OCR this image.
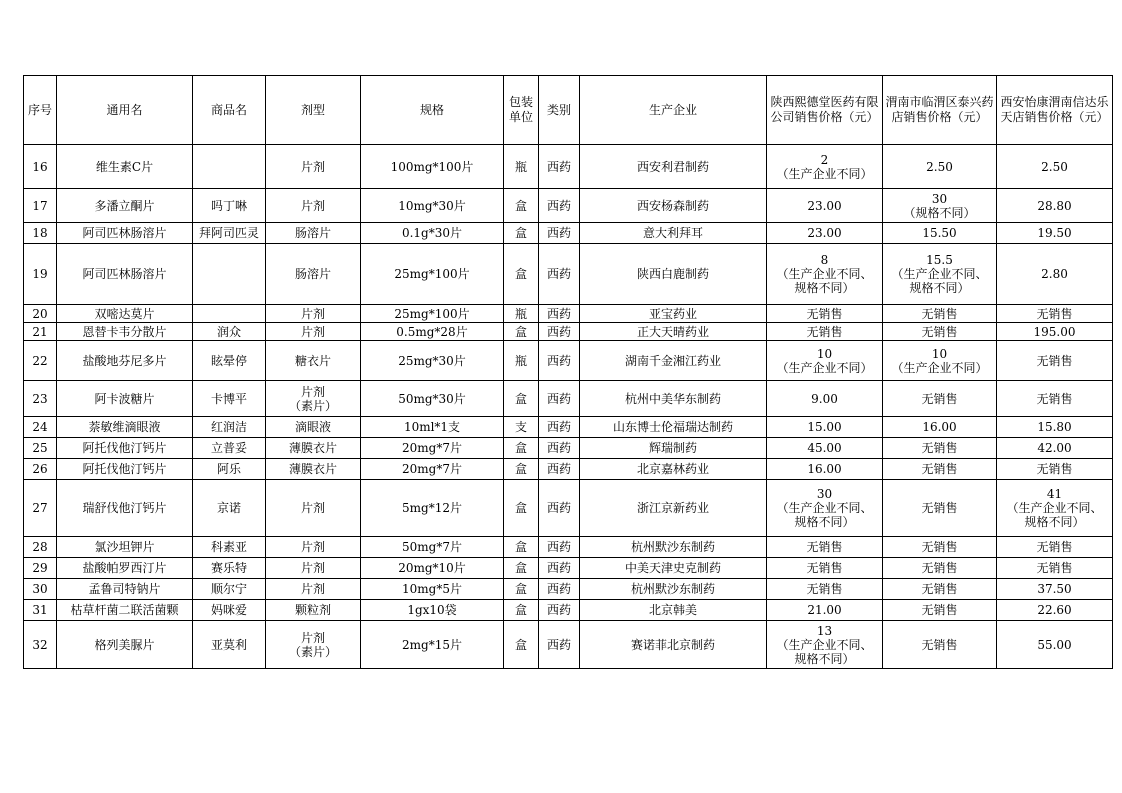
序号	通用名	商品名	剂型	规格	包装单位	类别	生产企业	陕西熙德堂医药有限公司销售价格（元）	渭南市临渭区泰兴药店销售价格（元）	西安怡康渭南信达乐天店销售价格（元）
16	维生素C片		片剂	100mg*100片	瓶	西药	西安利君制药	2
（生产企业不同）	2.50	2.50

17	多潘立酮片	吗丁啉	片剂	10mg*30片	盒	西药	西安杨森制药	23.00	30
（规格不同）	28.80

18	阿司匹林肠溶片	拜阿司匹灵	肠溶片	0.1g*30片	盒	西药	意大利拜耳	23.00	15.50	19.50

19	阿司匹林肠溶片		肠溶片	25mg*100片	盒	西药	陕西白鹿制药	8
（生产企业不同、
规格不同）	15.5
（生产企业不同、
规格不同）	2.80

20	双嘧达莫片		片剂	25mg*100片	瓶	西药	亚宝药业	无销售	无销售	无销售

21	恩替卡韦分散片	润众	片剂	0.5mg*28片	盒	西药	正大天晴药业	无销售	无销售	195.00

22	盐酸地芬尼多片	眩晕停	糖衣片	25mg*30片	瓶	西药	湖南千金湘江药业	10
（生产企业不同）	10
（生产企业不同）	无销售

23	阿卡波糖片	卡博平	片剂
（素片）	50mg*30片	盒	西药	杭州中美华东制药	9.00	无销售	无销售

24	萘敏维滴眼液	红润洁	滴眼液	10ml*1支	支	西药	山东博士伦福瑞达制药	15.00	16.00	15.80

25	阿托伐他汀钙片	立普妥	薄膜衣片	20mg*7片	盒	西药	辉瑞制药	45.00	无销售	42.00

26	阿托伐他汀钙片	阿乐	薄膜衣片	20mg*7片	盒	西药	北京嘉林药业	16.00	无销售	无销售

27	瑞舒伐他汀钙片	京诺	片剂	5mg*12片	盒	西药	浙江京新药业	30
（生产企业不同、
规格不同）	无销售	41
（生产企业不同、
规格不同）

28	氯沙坦钾片	科素亚	片剂	50mg*7片	盒	西药	杭州默沙东制药	无销售	无销售	无销售

29	盐酸帕罗西汀片	赛乐特	片剂	20mg*10片	盒	西药	中美天津史克制药	无销售	无销售	无销售

30	孟鲁司特钠片	顺尔宁	片剂	10mg*5片	盒	西药	杭州默沙东制药	无销售	无销售	37.50

31	枯草杆菌二联活菌颗	妈咪爱	颗粒剂	1gx10袋	盒	西药	北京韩美	21.00	无销售	22.60

32	格列美脲片	亚莫利	片剂
（素片）	2mg*15片	盒	西药	赛诺菲北京制药	13
（生产企业不同、
规格不同）	无销售	55.00
